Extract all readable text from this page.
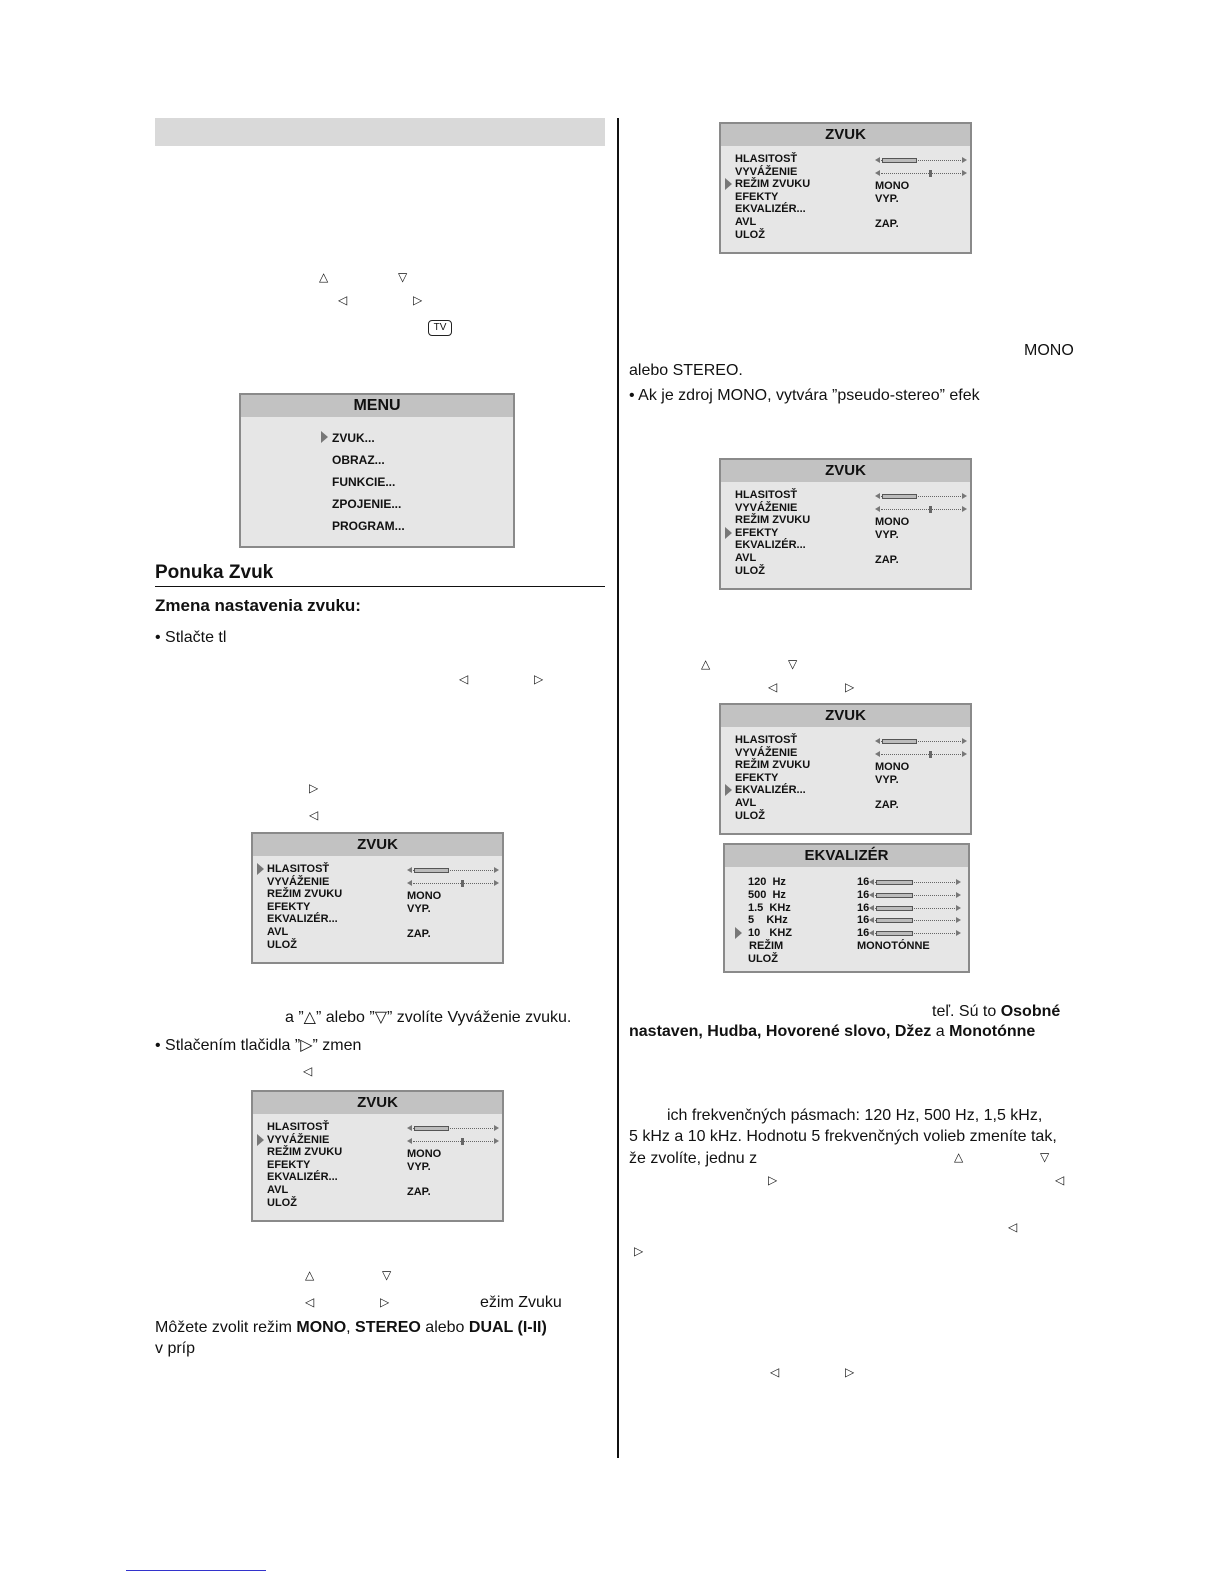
△	▽
◁	▷
TV
MENU
ZVUK...
OBRAZ...
FUNKCIE...
ZPOJENIE...
PROGRAM...
Ponuka Zvuk
Zmena nastavenia zvuku:
• Stlačte tl
◁	▷
▷
◁
ZVUK
HLASITOSŤ
VYVÁŽENIE
REŽIM ZVUKU	MONO
EFEKTY	VYP.
EKVALIZÉR...
AVL	ZAP.
ULOŽ
a ”△” alebo ”▽” zvolíte Vyváženie zvuku.
• Stlačením tlačidla ”▷” zmen
◁
ZVUK
HLASITOSŤ
VYVÁŽENIE
REŽIM ZVUKU	MONO
EFEKTY	VYP.
EKVALIZÉR...
AVL	ZAP.
ULOŽ
△	▽
◁	▷	ežim Zvuku
Môžete zvolit režim MONO, STEREO alebo DUAL (I-II)
v príp
ZVUK
HLASITOSŤ
VYVÁŽENIE
REŽIM ZVUKU	MONO
EFEKTY	VYP.
EKVALIZÉR...
AVL	ZAP.
ULOŽ
MONO
alebo STEREO.
• Ak je zdroj MONO, vytvára ”pseudo-stereo” efek
ZVUK
HLASITOSŤ
VYVÁŽENIE
REŽIM ZVUKU	MONO
EFEKTY	VYP.
EKVALIZÉR...
AVL	ZAP.
ULOŽ
△	▽
◁	▷
ZVUK
HLASITOSŤ
VYVÁŽENIE
REŽIM ZVUKU	MONO
EFEKTY	VYP.
EKVALIZÉR...
AVL	ZAP.
ULOŽ
EKVALIZÉR
120  Hz	16
500  Hz	16
1.5  KHz	16
5    KHz	16
10   KHZ	16
REŽIM	MONOTÓNNE
ULOŽ
teľ. Sú to Osobné
nastaven, Hudba, Hovorené slovo, Džez a Monotónne
ich frekvenčných pásmach: 120 Hz, 500 Hz, 1,5 kHz,
5 kHz a 10 kHz. Hodnotu 5 frekvenčných volieb zmeníte tak,
že zvolíte, jednu z	△	▽
▷	◁
◁
▷
◁	▷
